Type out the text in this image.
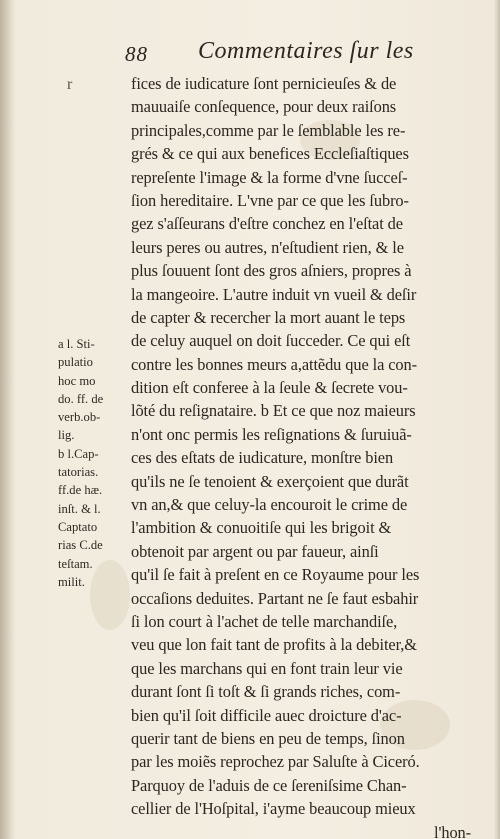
88 Commentaires ſur les
r	fices de iudicature ſont pernicieuſes & de
mauuaiſe conſequence, pour deux raiſons
principales,comme par le ſemblable les re-
grés & ce qui aux benefices Eccleſiaſtiques
repreſente l'image & la forme d'vne ſucceſ-
ſion hereditaire. L'vne par ce que les ſubro-
gez s'aſſeurans d'eſtre conchez en l'eſtat de
leurs peres ou autres, n'eſtudient rien, & le
plus ſouuent ſont des gros aſniers, propres à
la mangeoire. L'autre induit vn vueil & deſir
de capter & recercher la mort auant le teps
de celuy auquel on doit ſucceder. Ce qui eſt
contre les bonnes meurs a,attẽdu que la con-
dition eſt conferee à la ſeule & ſecrete vou-
lõté du reſignataire. b Et ce que noz maieurs
n'ont onc permis les reſignations & ſuruiuã-
ces des eſtats de iudicature, monſtre bien
qu'ils ne ſe tenoient & exerçoient que durãt
vn an,& que celuy-la encouroit le crime de
l'ambition & conuoitiſe qui les brigoit &
obtenoit par argent ou par faueur, ainſi
qu'il ſe fait à preſent en ce Royaume pour les
occaſions deduites. Partant ne ſe faut esbahir
ſi lon court à l'achet de telle marchandiſe,
veu que lon fait tant de profits à la debiter,&
que les marchans qui en font train leur vie
durant ſont ſi toſt & ſi grands riches, com-
bien qu'il ſoit difficile auec droicture d'ac-
querir tant de biens en peu de temps, ſinon
par les moiẽs reprochez par Saluſte à Ciceró.
Parquoy de l'aduis de ce ſereniſsime Chan-
cellier de l'Hoſpital, i'ayme beaucoup mieux
l'hon-
a l. Sti-
pulatio
hoc mo
do. ff. de
verb.ob-
lig.
b l.Cap-
tatorias.
ff.de hæ.
inſt. & l.
Captato
rias C.de
teſtam.
milit.
